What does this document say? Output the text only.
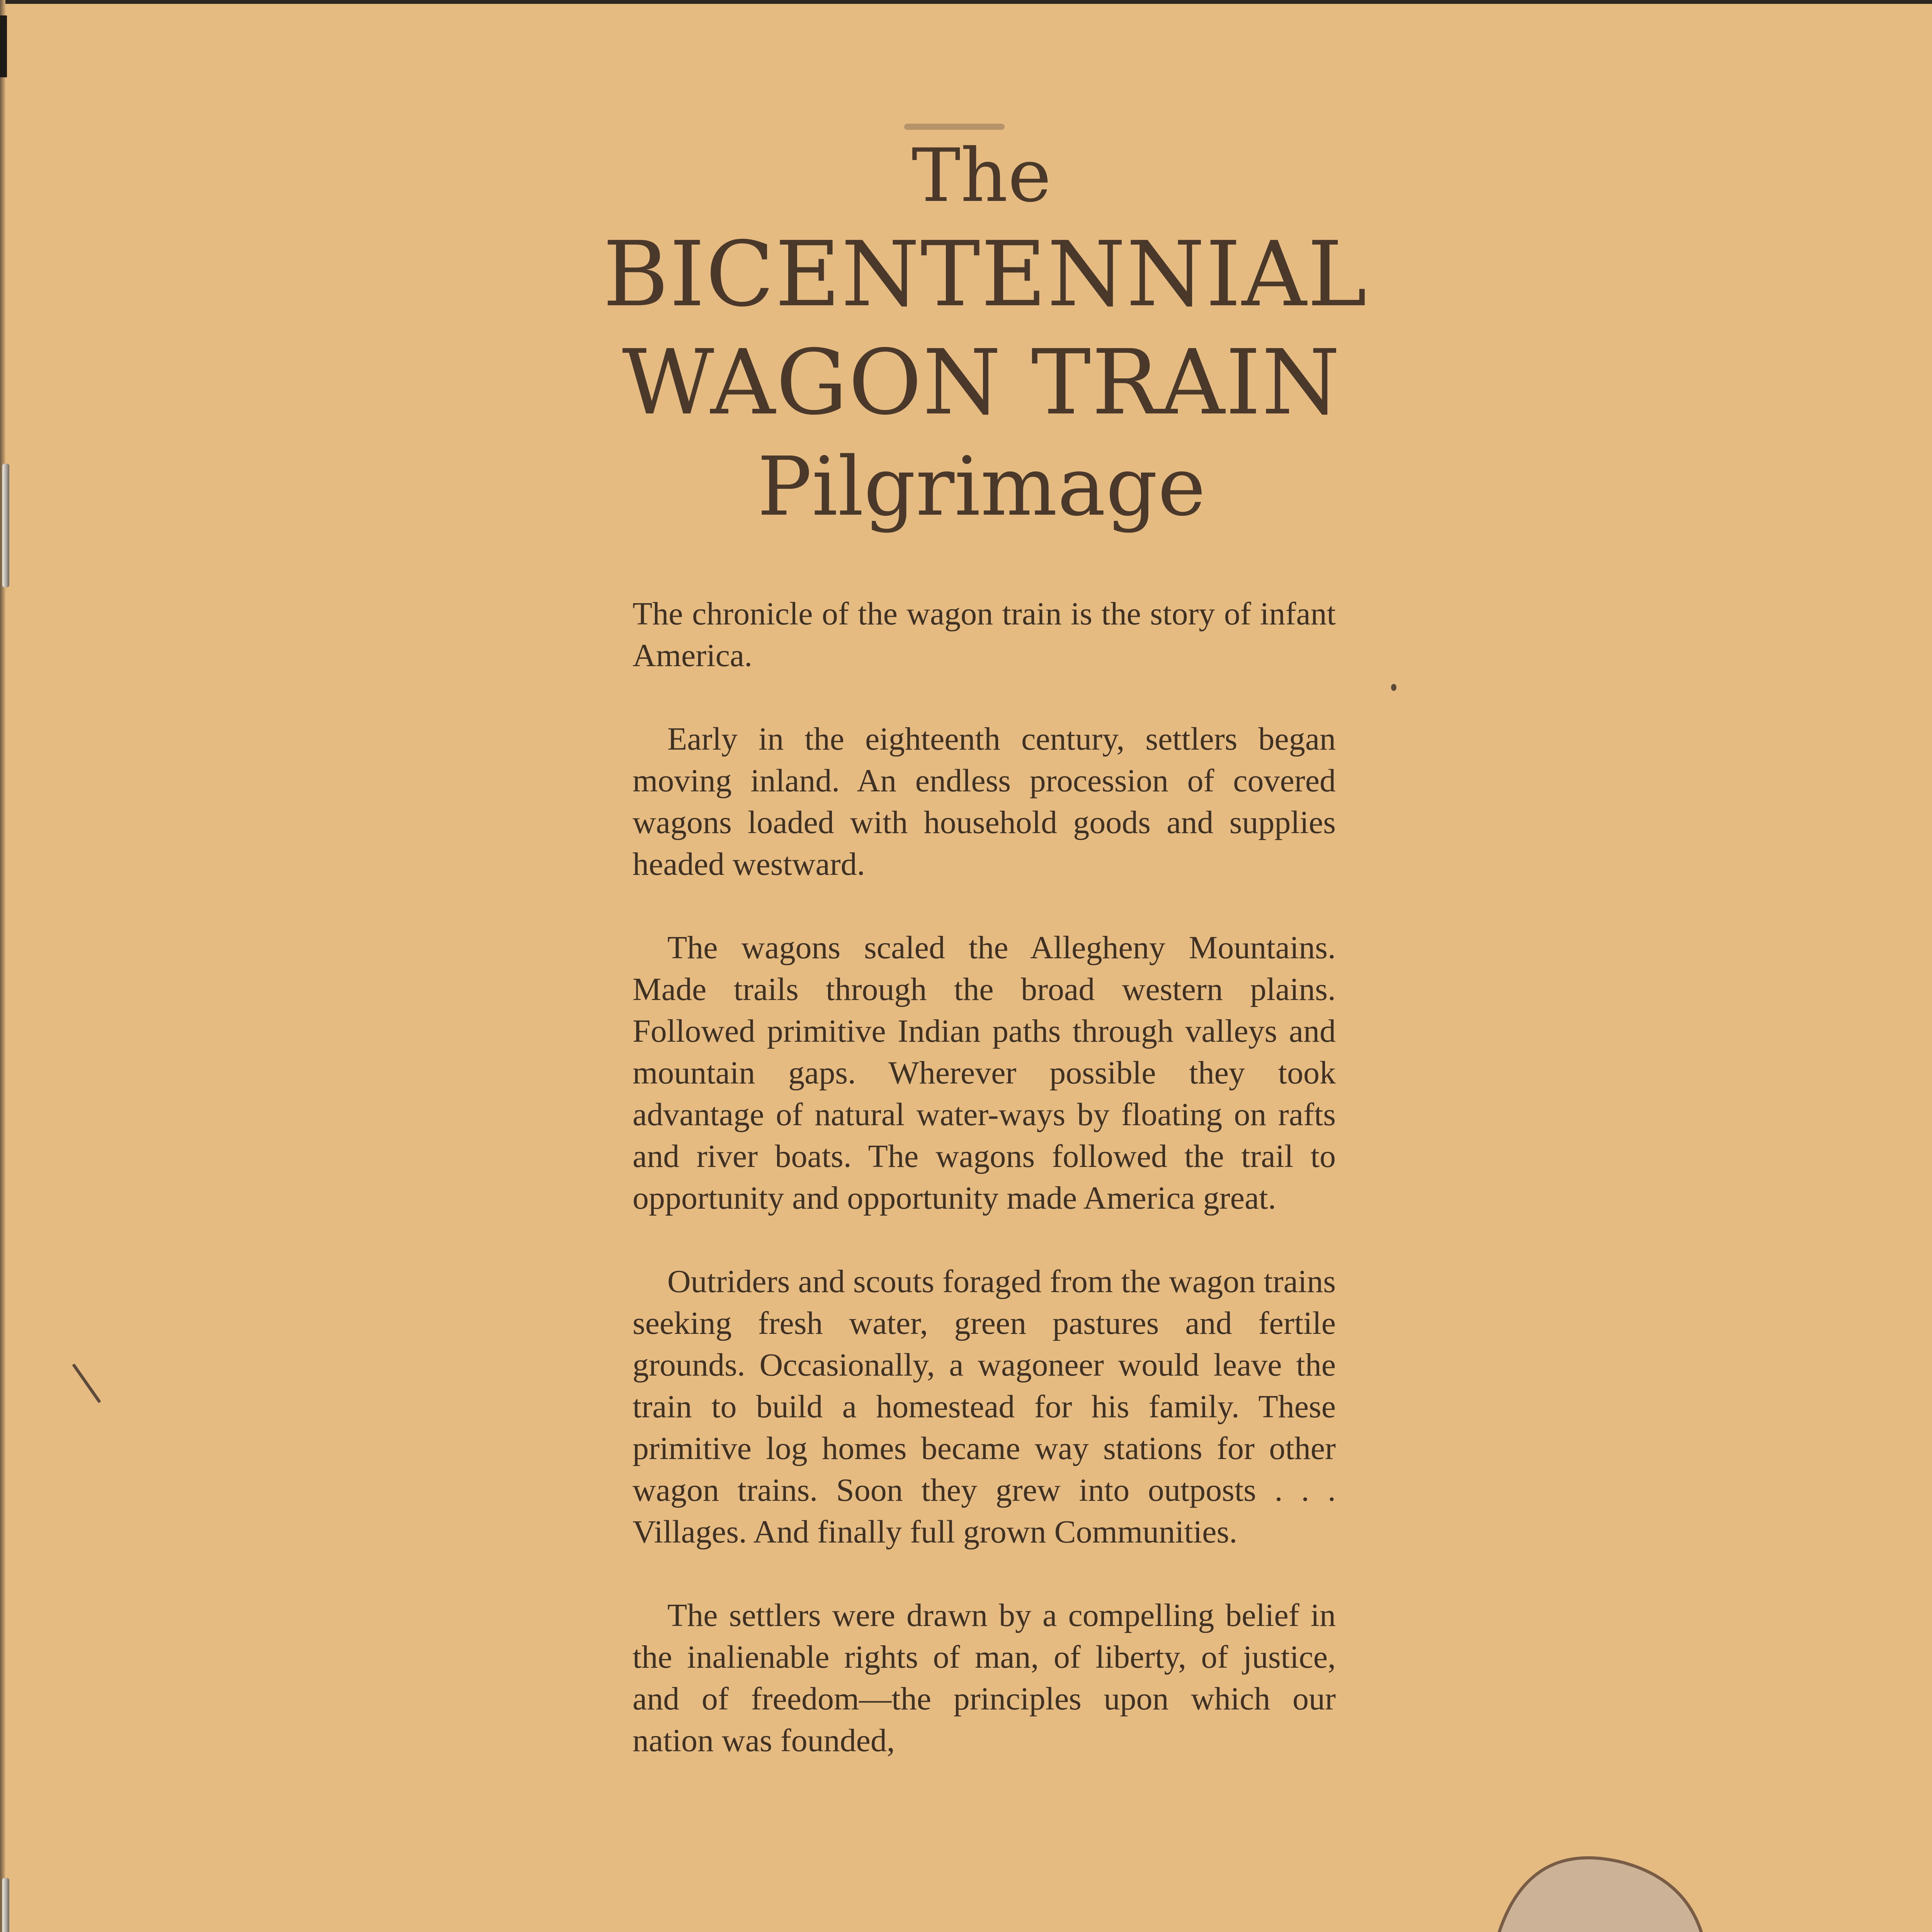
The
BICENTENNIAL
WAGON TRAIN
Pilgrimage

The chronicle of the wagon train is the story of infant America.

Early in the eighteenth century, settlers began moving inland. An endless procession of covered wagons loaded with household goods and supplies headed westward.

The wagons scaled the Allegheny Mountains. Made trails through the broad western plains. Followed primitive Indian paths through valleys and mountain gaps. Wherever possible they took advantage of natural water-ways by floating on rafts and river boats. The wagons followed the trail to opportunity and opportunity made America great.

Outriders and scouts foraged from the wagon trains seeking fresh water, green pastures and fertile grounds. Occasionally, a wagoneer would leave the train to build a homestead for his family. These primitive log homes became way stations for other wagon trains. Soon they grew into outposts . . . Villages. And finally full grown Communities.

The settlers were drawn by a compelling belief in the inalienable rights of man, of liberty, of justice, and of freedom—the principles upon which our nation was founded,
